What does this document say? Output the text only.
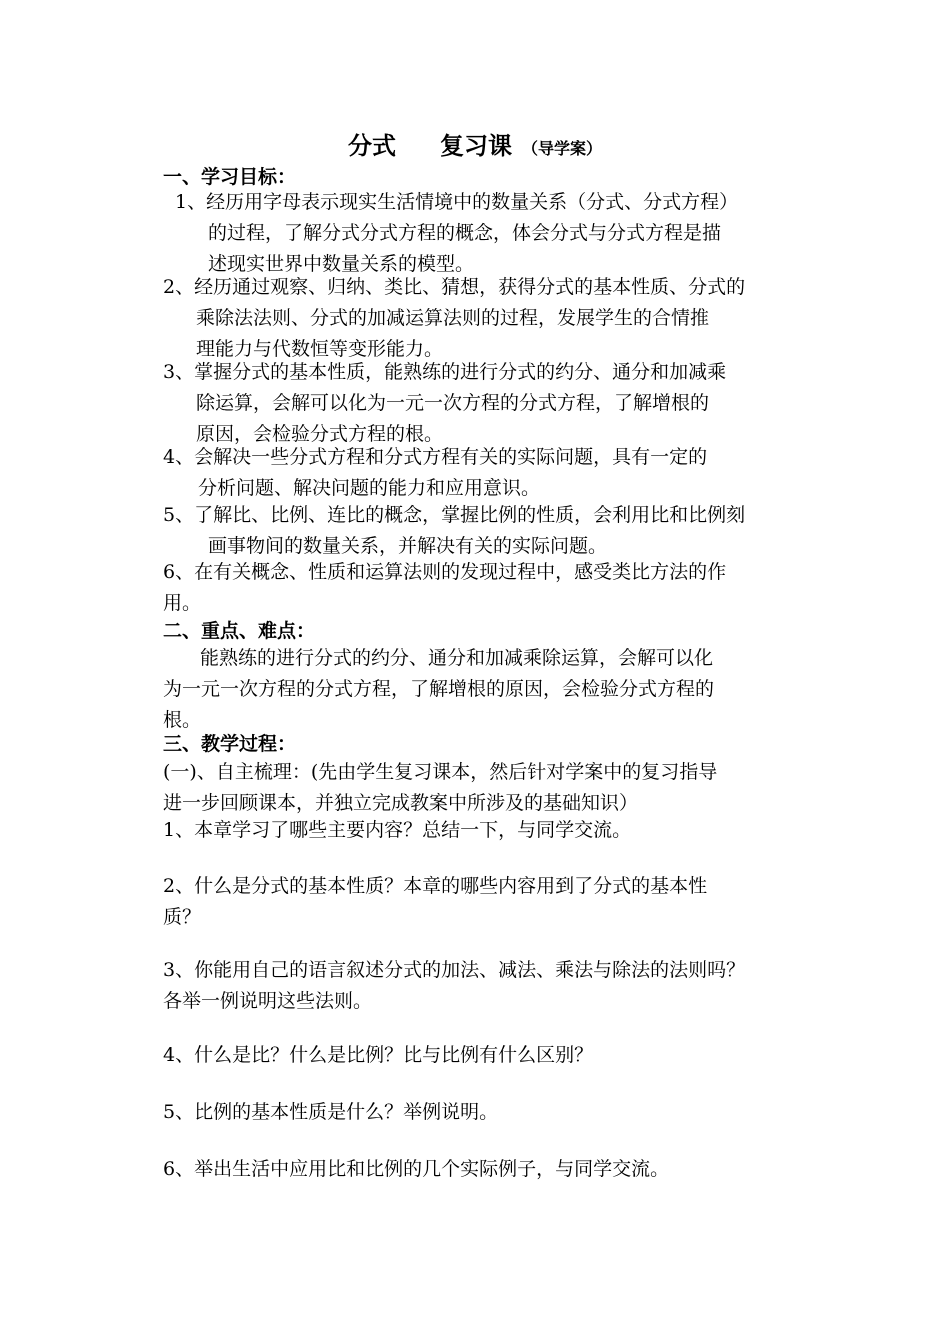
分式 复习课 （导学案）
一、学习目标：
1、经历用字母表示现实生活情境中的数量关系（分式、分式方程）
的过程，了解分式分式方程的概念，体会分式与分式方程是描
述现实世界中数量关系的模型。
2、经历通过观察、归纳、类比、猜想，获得分式的基本性质、分式的
乘除法法则、分式的加减运算法则的过程，发展学生的合情推
理能力与代数恒等变形能力。
3、掌握分式的基本性质，能熟练的进行分式的约分、通分和加减乘
除运算，会解可以化为一元一次方程的分式方程，了解增根的
原因，会检验分式方程的根。
4、会解决一些分式方程和分式方程有关的实际问题，具有一定的
分析问题、解决问题的能力和应用意识。
5、了解比、比例、连比的概念，掌握比例的性质，会利用比和比例刻
画事物间的数量关系，并解决有关的实际问题。
6、在有关概念、性质和运算法则的发现过程中，感受类比方法的作
用。
二、重点、难点：
能熟练的进行分式的约分、通分和加减乘除运算，会解可以化
为一元一次方程的分式方程，了解增根的原因，会检验分式方程的
根。
三、教学过程：
(一)、自主梳理：(先由学生复习课本，然后针对学案中的复习指导
进一步回顾课本，并独立完成教案中所涉及的基础知识）
1、本章学习了哪些主要内容？总结一下，与同学交流。
2、什么是分式的基本性质？本章的哪些内容用到了分式的基本性
质？
3、你能用自己的语言叙述分式的加法、减法、乘法与除法的法则吗？
各举一例说明这些法则。
4、什么是比？什么是比例？比与比例有什么区别？
5、比例的基本性质是什么？举例说明。
6、举出生活中应用比和比例的几个实际例子，与同学交流。
